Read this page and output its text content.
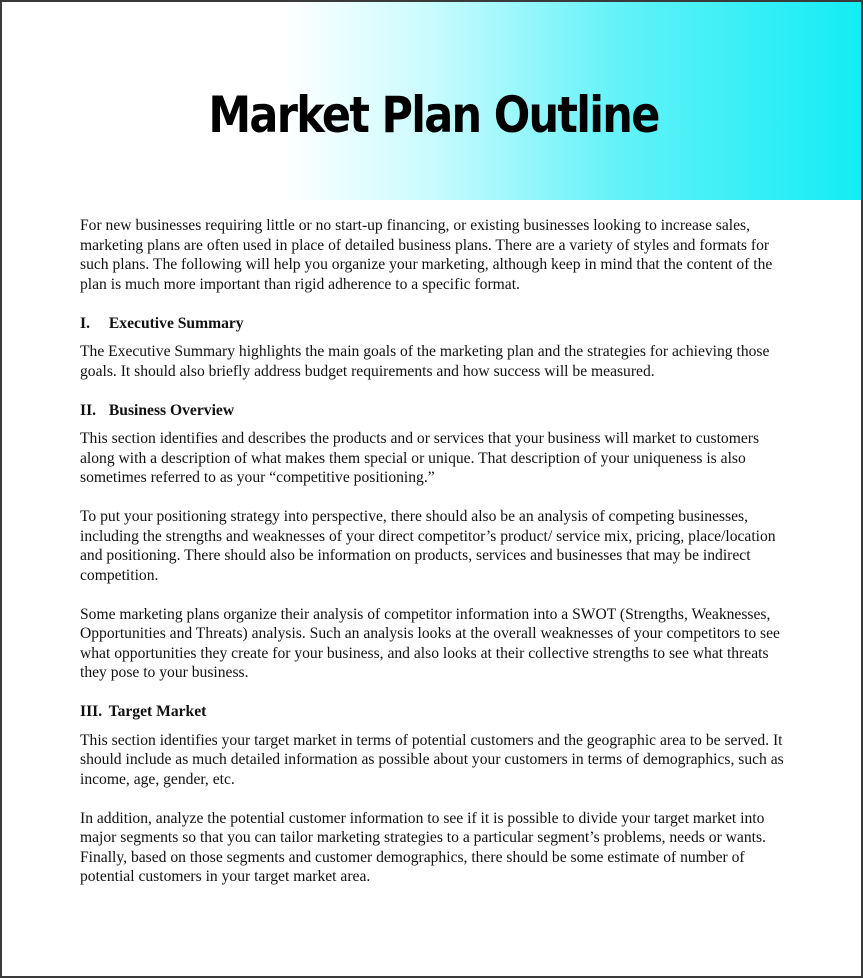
Market Plan Outline

For new businesses requiring little or no start-up financing, or existing businesses looking to increase sales, marketing plans are often used in place of detailed business plans. There are a variety of styles and formats for such plans. The following will help you organize your marketing, although keep in mind that the content of the plan is much more important than rigid adherence to a specific format.

I. Executive Summary

The Executive Summary highlights the main goals of the marketing plan and the strategies for achieving those goals. It should also briefly address budget requirements and how success will be measured.

II. Business Overview

This section identifies and describes the products and or services that your business will market to customers along with a description of what makes them special or unique. That description of your uniqueness is also sometimes referred to as your “competitive positioning.”

To put your positioning strategy into perspective, there should also be an analysis of competing businesses, including the strengths and weaknesses of your direct competitor’s product/ service mix, pricing, place/location and positioning. There should also be information on products, services and businesses that may be indirect competition.

Some marketing plans organize their analysis of competitor information into a SWOT (Strengths, Weaknesses, Opportunities and Threats) analysis. Such an analysis looks at the overall weaknesses of your competitors to see what opportunities they create for your business, and also looks at their collective strengths to see what threats they pose to your business.

III. Target Market

This section identifies your target market in terms of potential customers and the geographic area to be served. It should include as much detailed information as possible about your customers in terms of demographics, such as income, age, gender, etc.

In addition, analyze the potential customer information to see if it is possible to divide your target market into major segments so that you can tailor marketing strategies to a particular segment’s problems, needs or wants. Finally, based on those segments and customer demographics, there should be some estimate of number of potential customers in your target market area.
